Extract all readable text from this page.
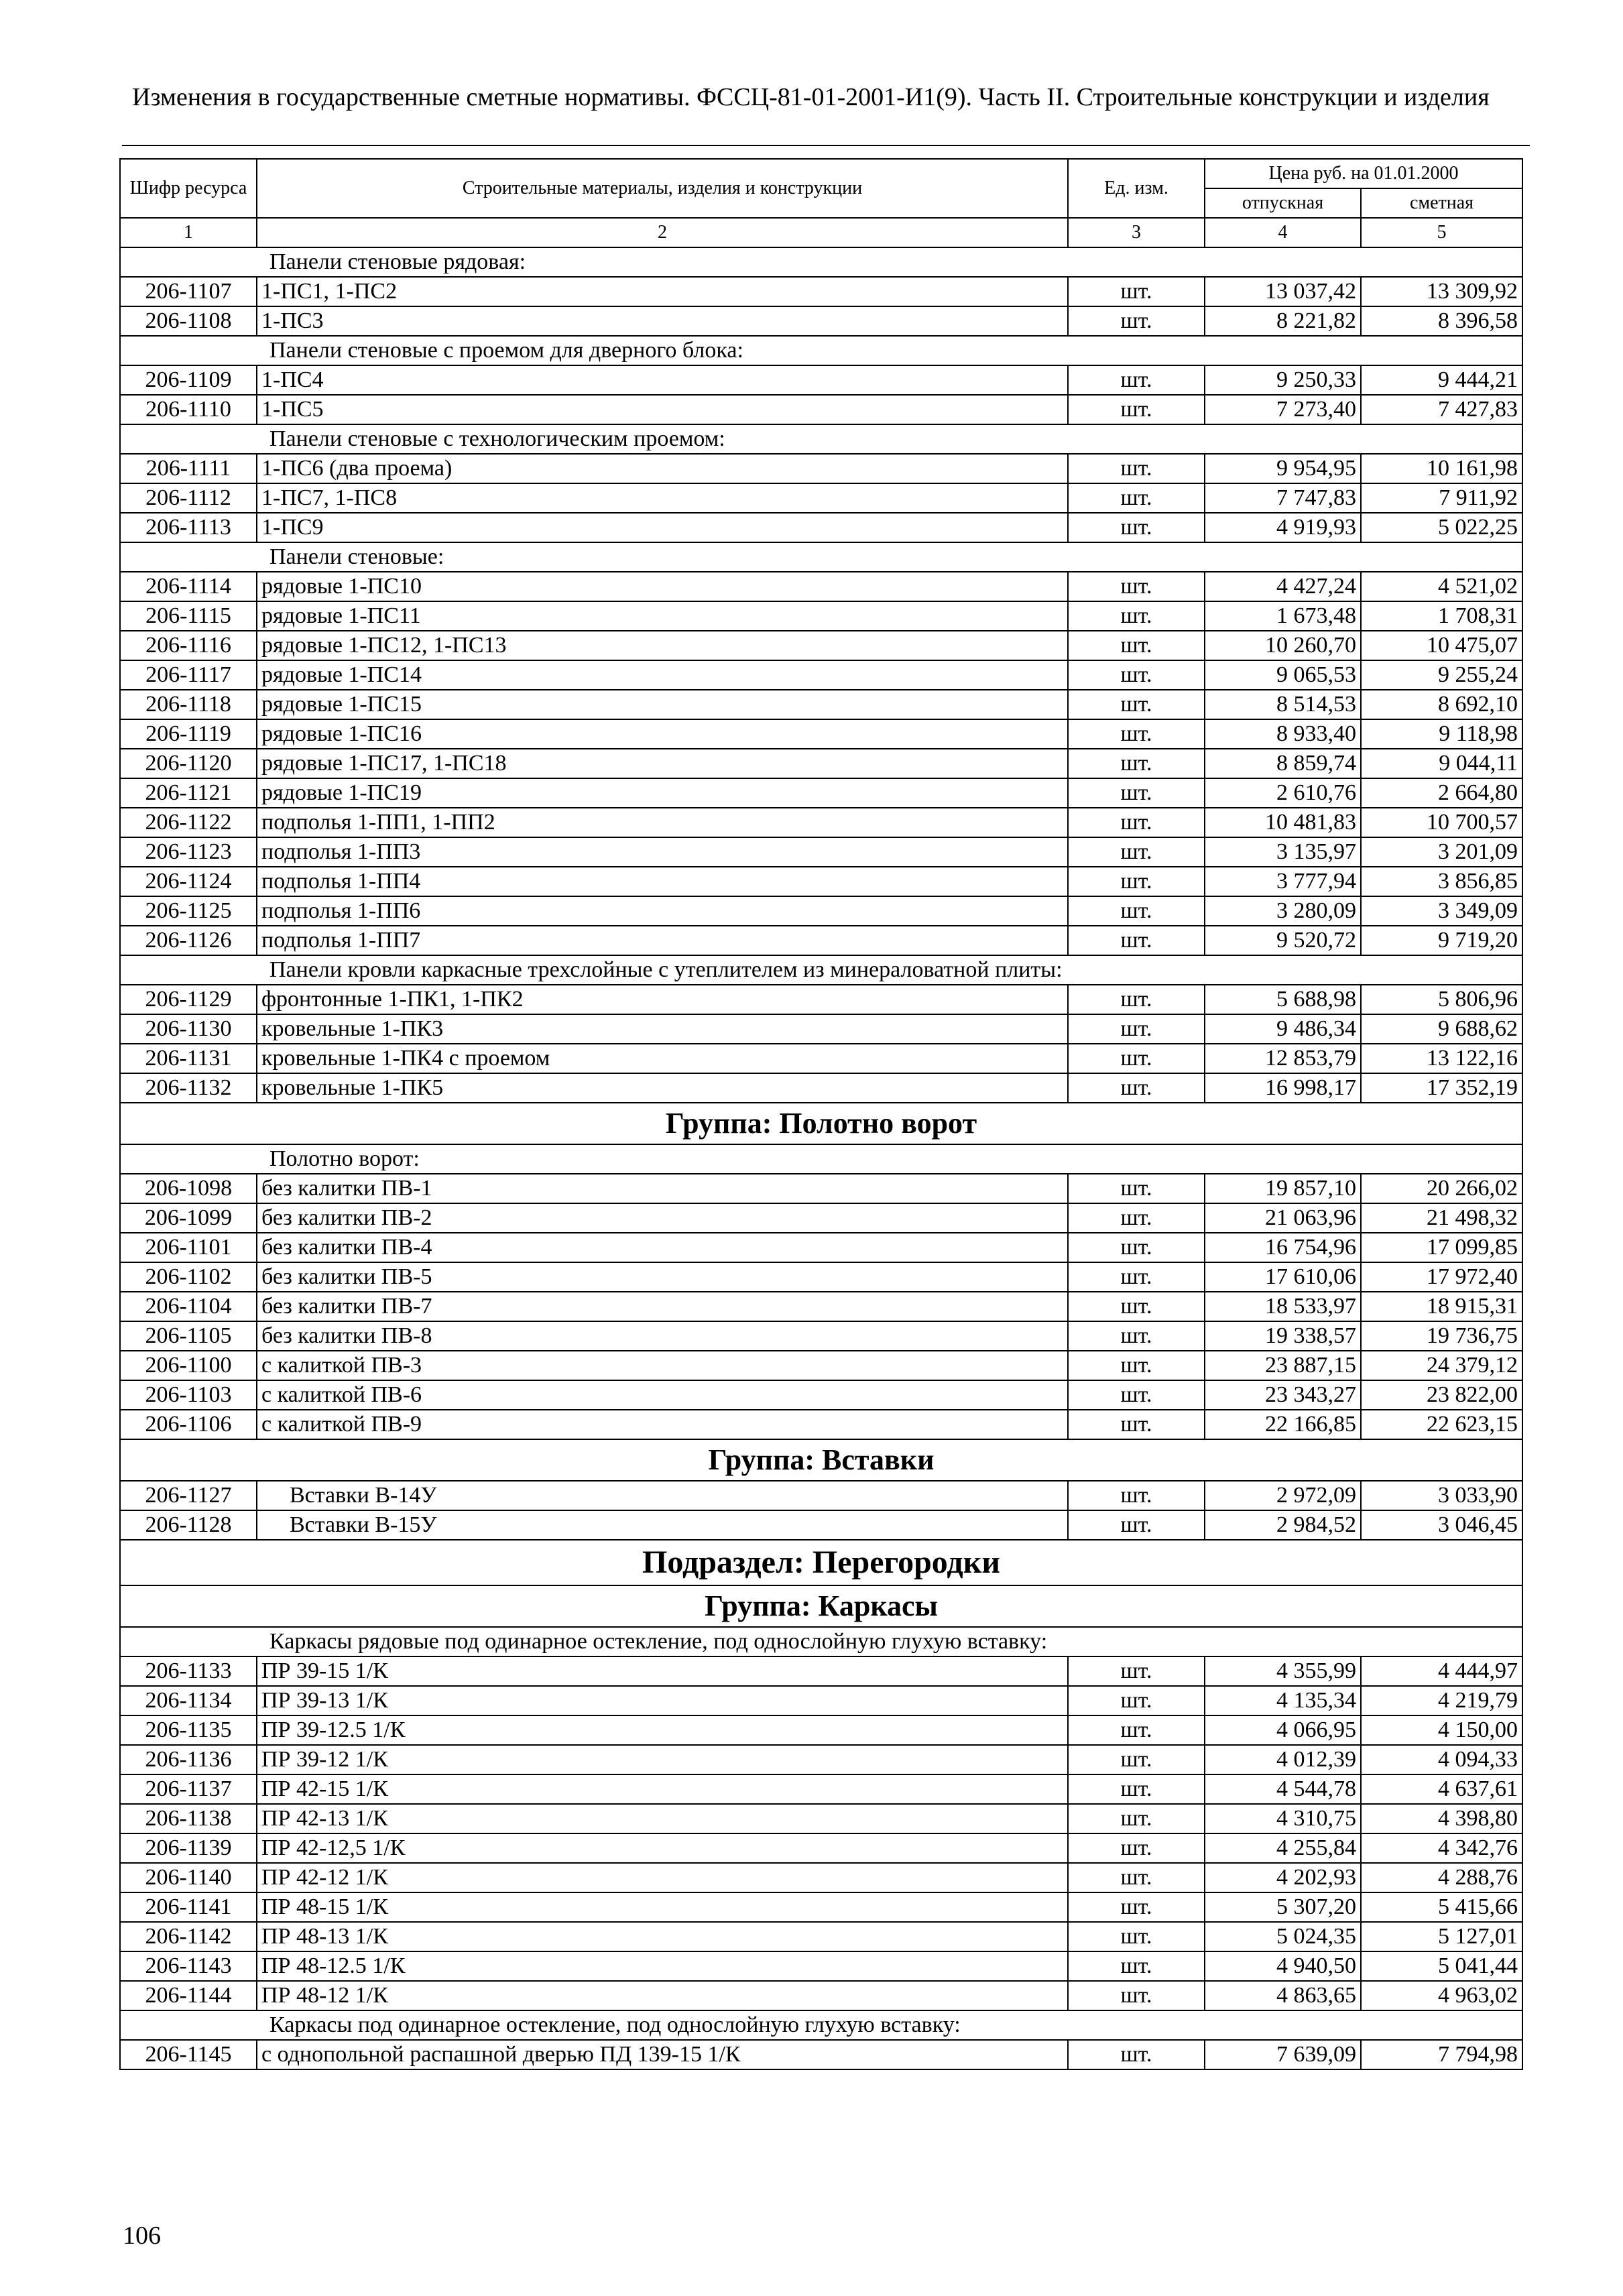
Изменения в государственные сметные нормативы. ФССЦ-81-01-2001-И1(9). Часть II. Строительные конструкции и изделия
Шифр ресурса	Строительные материалы, изделия и конструкции	Ед. изм.	Цена руб. на 01.01.2000	
			отпускная	сметная
1	2	3	4	5
Панели стеновые рядовая:				
206-1107	1-ПС1, 1-ПС2	шт.	13 037,42	13 309,92
206-1108	1-ПС3	шт.	8 221,82	8 396,58
Панели стеновые с проемом для дверного блока:				
206-1109	1-ПС4	шт.	9 250,33	9 444,21
206-1110	1-ПС5	шт.	7 273,40	7 427,83
Панели стеновые с технологическим проемом:				
206-1111	1-ПС6 (два проема)	шт.	9 954,95	10 161,98
206-1112	1-ПС7, 1-ПС8	шт.	7 747,83	7 911,92
206-1113	1-ПС9	шт.	4 919,93	5 022,25
Панели стеновые:				
206-1114	рядовые 1-ПС10	шт.	4 427,24	4 521,02
206-1115	рядовые 1-ПС11	шт.	1 673,48	1 708,31
206-1116	рядовые 1-ПС12, 1-ПС13	шт.	10 260,70	10 475,07
206-1117	рядовые 1-ПС14	шт.	9 065,53	9 255,24
206-1118	рядовые 1-ПС15	шт.	8 514,53	8 692,10
206-1119	рядовые 1-ПС16	шт.	8 933,40	9 118,98
206-1120	рядовые 1-ПС17, 1-ПС18	шт.	8 859,74	9 044,11
206-1121	рядовые 1-ПС19	шт.	2 610,76	2 664,80
206-1122	подполья 1-ПП1, 1-ПП2	шт.	10 481,83	10 700,57
206-1123	подполья 1-ПП3	шт.	3 135,97	3 201,09
206-1124	подполья 1-ПП4	шт.	3 777,94	3 856,85
206-1125	подполья 1-ПП6	шт.	3 280,09	3 349,09
206-1126	подполья 1-ПП7	шт.	9 520,72	9 719,20
Панели кровли каркасные трехслойные с утеплителем из минераловатной плиты:				
206-1129	фронтонные 1-ПК1, 1-ПК2	шт.	5 688,98	5 806,96
206-1130	кровельные 1-ПК3	шт.	9 486,34	9 688,62
206-1131	кровельные 1-ПК4 с проемом	шт.	12 853,79	13 122,16
206-1132	кровельные 1-ПК5	шт.	16 998,17	17 352,19
Группа: Полотно ворот				
Полотно ворот:				
206-1098	без калитки ПВ-1	шт.	19 857,10	20 266,02
206-1099	без калитки ПВ-2	шт.	21 063,96	21 498,32
206-1101	без калитки ПВ-4	шт.	16 754,96	17 099,85
206-1102	без калитки ПВ-5	шт.	17 610,06	17 972,40
206-1104	без калитки ПВ-7	шт.	18 533,97	18 915,31
206-1105	без калитки ПВ-8	шт.	19 338,57	19 736,75
206-1100	с калиткой ПВ-3	шт.	23 887,15	24 379,12
206-1103	с калиткой ПВ-6	шт.	23 343,27	23 822,00
206-1106	с калиткой ПВ-9	шт.	22 166,85	22 623,15
Группа: Вставки				
206-1127	Вставки В-14У	шт.	2 972,09	3 033,90
206-1128	Вставки В-15У	шт.	2 984,52	3 046,45
Подраздел: Перегородки				
Группа: Каркасы				
Каркасы рядовые под одинарное остекление, под однослойную глухую вставку:				
206-1133	ПР 39-15 1/К	шт.	4 355,99	4 444,97
206-1134	ПР 39-13 1/К	шт.	4 135,34	4 219,79
206-1135	ПР 39-12.5 1/К	шт.	4 066,95	4 150,00
206-1136	ПР 39-12 1/К	шт.	4 012,39	4 094,33
206-1137	ПР 42-15 1/К	шт.	4 544,78	4 637,61
206-1138	ПР 42-13 1/К	шт.	4 310,75	4 398,80
206-1139	ПР 42-12,5 1/К	шт.	4 255,84	4 342,76
206-1140	ПР 42-12 1/К	шт.	4 202,93	4 288,76
206-1141	ПР 48-15 1/К	шт.	5 307,20	5 415,66
206-1142	ПР 48-13 1/К	шт.	5 024,35	5 127,01
206-1143	ПР 48-12.5 1/К	шт.	4 940,50	5 041,44
206-1144	ПР 48-12 1/К	шт.	4 863,65	4 963,02
Каркасы под одинарное остекление, под однослойную глухую вставку:				
206-1145	с однопольной распашной дверью ПД 139-15 1/К	шт.	7 639,09	7 794,98
106
